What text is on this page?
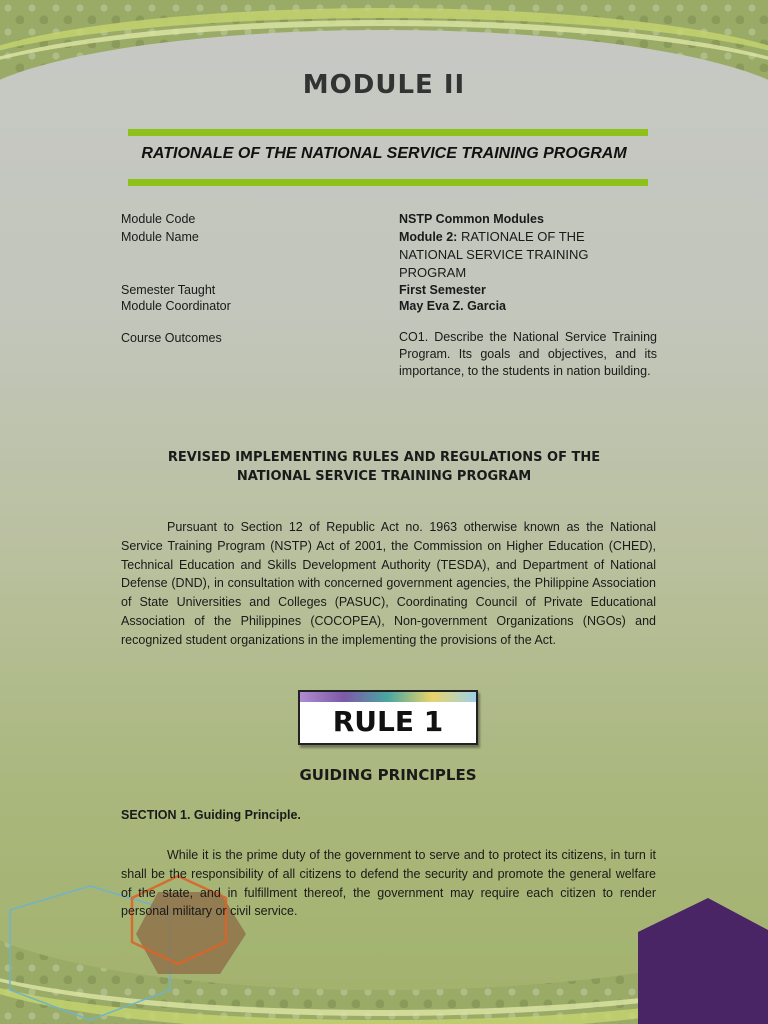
MODULE II
RATIONALE OF THE NATIONAL SERVICE TRAINING PROGRAM
Module Code	NSTP Common Modules
Module Name	Module 2: RATIONALE OF THE
NATIONAL SERVICE TRAINING
PROGRAM
Semester Taught	First Semester
Module Coordinator	May Eva Z. Garcia
Course Outcomes	CO1. Describe the National Service Training Program. Its goals and objectives, and its importance, to the students in nation building.
REVISED IMPLEMENTING RULES AND REGULATIONS OF THE
NATIONAL SERVICE TRAINING PROGRAM
Pursuant to Section 12 of Republic Act no. 1963 otherwise known as the National Service Training Program (NSTP) Act of 2001, the Commission on Higher Education (CHED), Technical Education and Skills Development Authority (TESDA), and Department of National Defense (DND), in consultation with concerned government agencies, the Philippine Association of State Universities and Colleges (PASUC), Coordinating Council of Private Educational Association of the Philippines (COCOPEA), Non-government Organizations (NGOs) and recognized student organizations in the implementing the provisions of the Act.
RULE 1
GUIDING PRINCIPLES
SECTION 1. Guiding Principle.
While it is the prime duty of the government to serve and to protect its citizens, in turn it shall be the responsibility of all citizens to defend the security and promote the general welfare of the state, and in fulfillment thereof, the government may require each citizen to render personal military or civil service.
